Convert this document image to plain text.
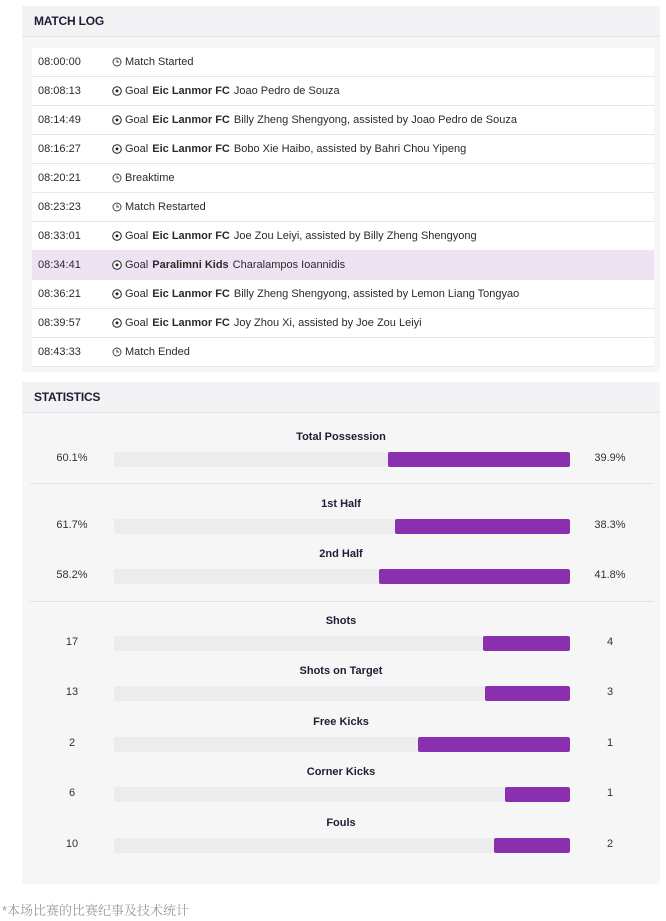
MATCH LOG
08:00:00	Match Started
08:08:13	Goal Eic Lanmor FC Joao Pedro de Souza
08:14:49	Goal Eic Lanmor FC Billy Zheng Shengyong, assisted by Joao Pedro de Souza
08:16:27	Goal Eic Lanmor FC Bobo Xie Haibo, assisted by Bahri Chou Yipeng
08:20:21	Breaktime
08:23:23	Match Restarted
08:33:01	Goal Eic Lanmor FC Joe Zou Leiyi, assisted by Billy Zheng Shengyong
08:34:41	Goal Paralimni Kids Charalampos Ioannidis
08:36:21	Goal Eic Lanmor FC Billy Zheng Shengyong, assisted by Lemon Liang Tongyao
08:39:57	Goal Eic Lanmor FC Joy Zhou Xi, assisted by Joe Zou Leiyi
08:43:33	Match Ended
STATISTICS
Total Possession
60.1%	39.9%
1st Half
61.7%	38.3%
2nd Half
58.2%	41.8%
Shots
17	4
Shots on Target
13	3
Free Kicks
2	1
Corner Kicks
6	1
Fouls
10	2
*本场比赛的比赛纪事及技术统计
